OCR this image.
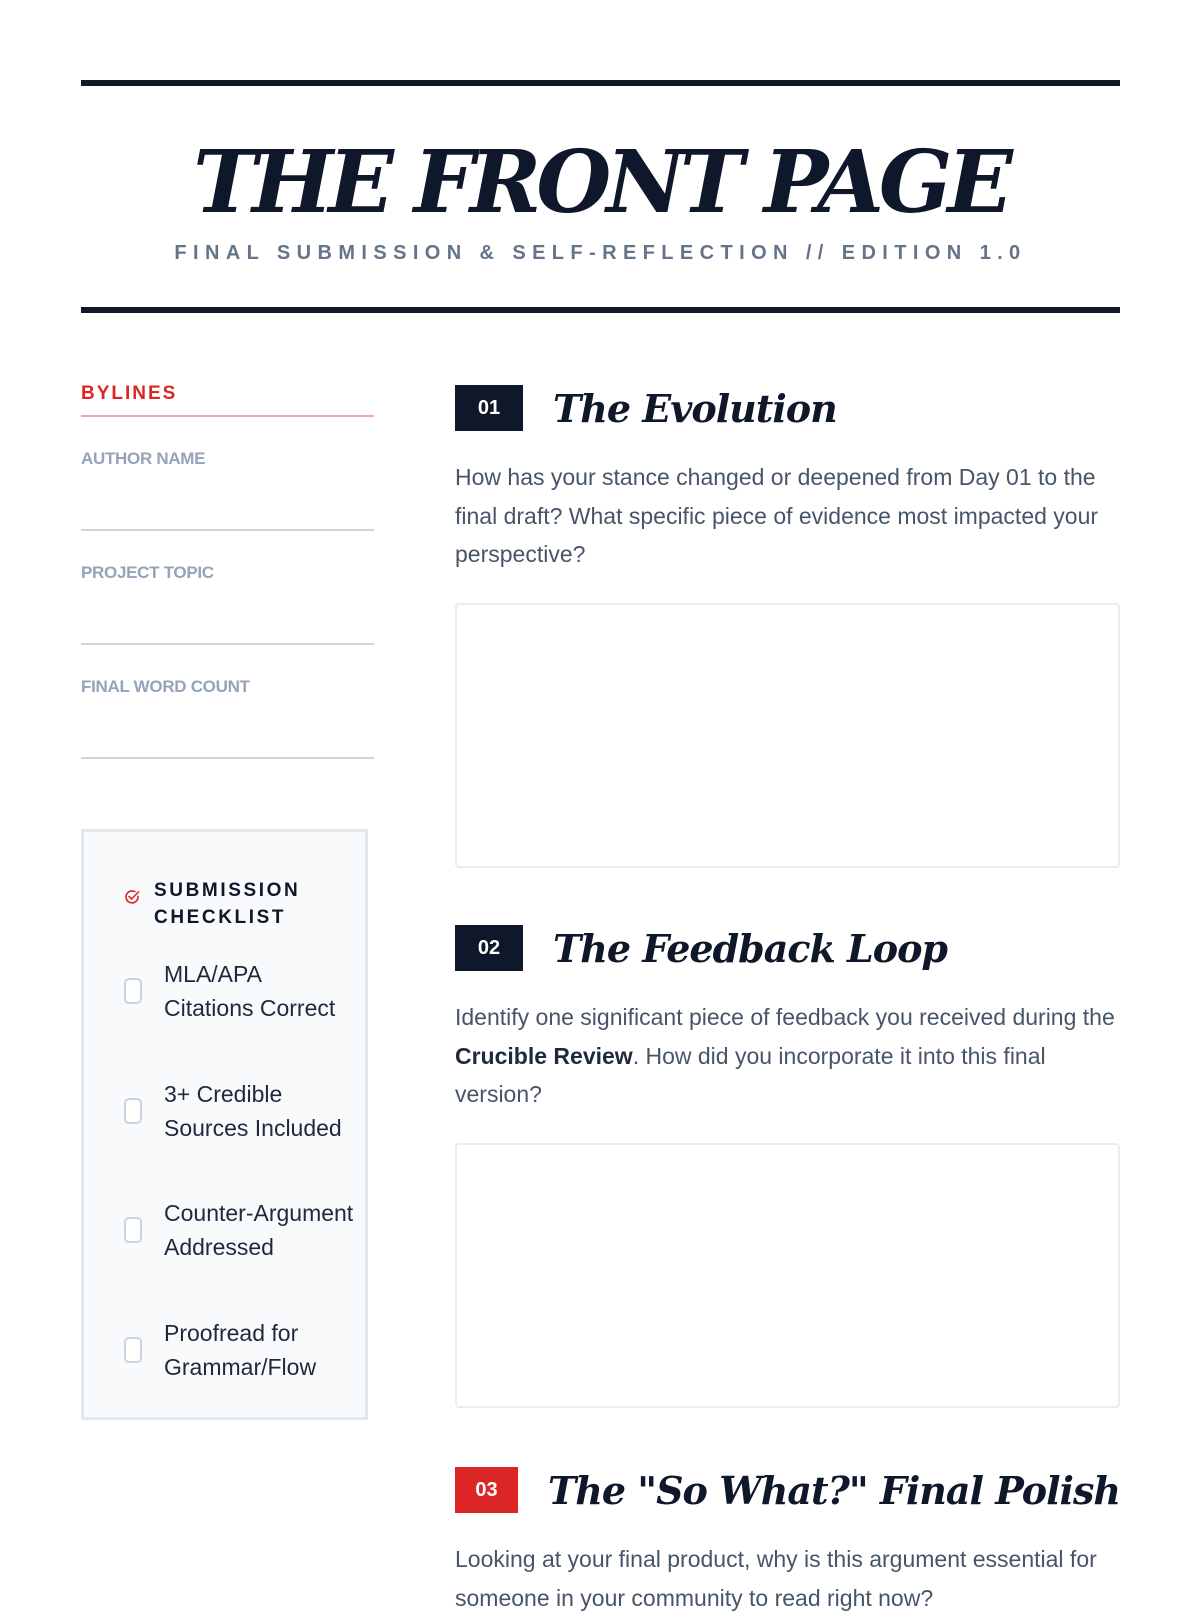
THE FRONT PAGE
FINAL SUBMISSION & SELF-REFLECTION // EDITION 1.0
BYLINES
AUTHOR NAME
PROJECT TOPIC
FINAL WORD COUNT
SUBMISSION CHECKLIST
MLA/APA Citations Correct
3+ Credible Sources Included
Counter-Argument Addressed
Proofread for Grammar/Flow
01	The Evolution
How has your stance changed or deepened from Day 01 to the final draft? What specific piece of evidence most impacted your perspective?
02	The Feedback Loop
Identify one significant piece of feedback you received during the Crucible Review. How did you incorporate it into this final version?
03	The "So What?" Final Polish
Looking at your final product, why is this argument essential for someone in your community to read right now?
